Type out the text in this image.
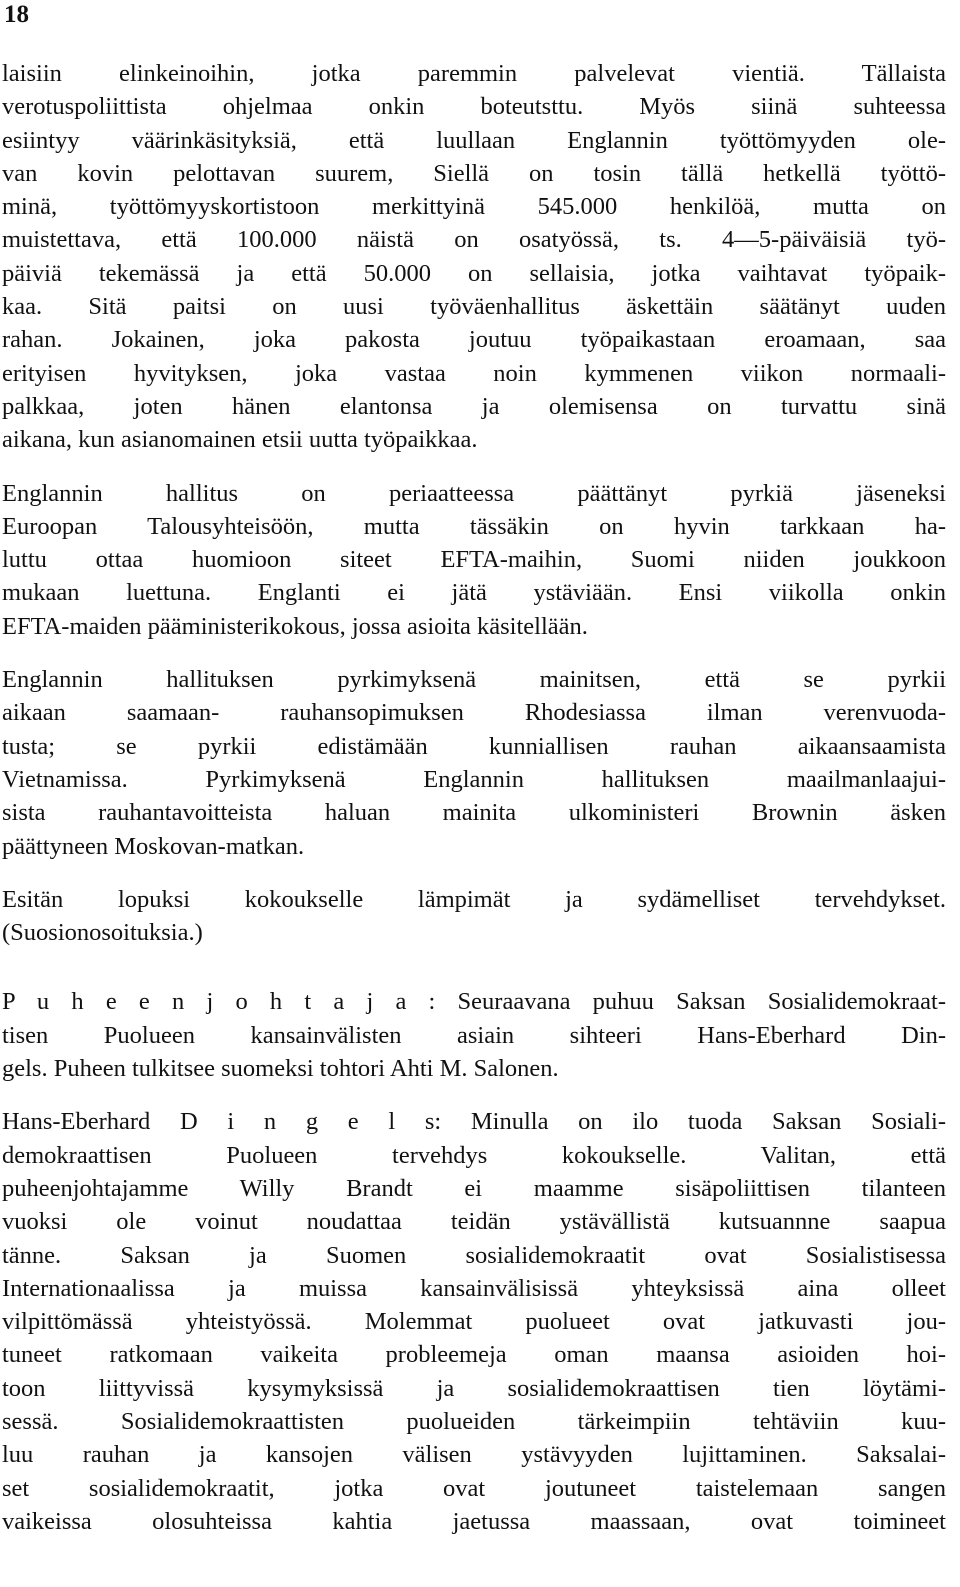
18
laisiin elinkeinoihin, jotka paremmin palvelevat vientiä. Tällaista
verotuspoliittista ohjelmaa onkin boteutsttu. Myös siinä suhteessa
esiintyy väärinkäsityksiä, että luullaan Englannin työttömyyden ole-
van kovin pelottavan suurem, Siellä on tosin tällä hetkellä työttö-
minä, työttömyyskortistoon merkittyinä 545.000 henkilöä, mutta on
muistettava, että 100.000 näistä on osatyössä, ts. 4—5-päiväisiä työ-
päiviä tekemässä ja että 50.000 on sellaisia, jotka vaihtavat työpaik-
kaa. Sitä paitsi on uusi työväenhallitus äskettäin säätänyt uuden
rahan. Jokainen, joka pakosta joutuu työpaikastaan eroamaan, saa
erityisen hyvityksen, joka vastaa noin kymmenen viikon normaali-
palkkaa, joten hänen elantonsa ja olemisensa on turvattu sinä
aikana, kun asianomainen etsii uutta työpaikkaa.
Englannin hallitus on periaatteessa päättänyt pyrkiä jäseneksi
Euroopan Talousyhteisöön, mutta tässäkin on hyvin tarkkaan ha-
luttu ottaa huomioon siteet EFTA-maihin, Suomi niiden joukkoon
mukaan luettuna. Englanti ei jätä ystäviään. Ensi viikolla onkin
EFTA-maiden pääministerikokous, jossa asioita käsitellään.
Englannin hallituksen pyrkimyksenä mainitsen, että se pyrkii
aikaan saamaan- rauhansopimuksen Rhodesiassa ilman verenvuoda-
tusta; se pyrkii edistämään kunniallisen rauhan aikaansaamista
Vietnamissa. Pyrkimyksenä Englannin hallituksen maailmanlaajui-
sista rauhantavoitteista haluan mainita ulkoministeri Brownin äsken
päättyneen Moskovan-matkan.
Esitän lopuksi kokoukselle lämpimät ja sydämelliset tervehdykset.
(Suosionosoituksia.)
P u h e e n j o h t a j a : Seuraavana puhuu Saksan Sosialidemokraat-
tisen Puolueen kansainvälisten asiain sihteeri Hans-Eberhard Din-
gels. Puheen tulkitsee suomeksi tohtori Ahti M. Salonen.
Hans-Eberhard D i n g e l s: Minulla on ilo tuoda Saksan Sosiali-
demokraattisen Puolueen tervehdys kokoukselle. Valitan, että
puheenjohtajamme Willy Brandt ei maamme sisäpoliittisen tilanteen
vuoksi ole voinut noudattaa teidän ystävällistä kutsuannne saapua
tänne. Saksan ja Suomen sosialidemokraatit ovat Sosialistisessa
Internationaalissa ja muissa kansainvälisissä yhteyksissä aina olleet
vilpittömässä yhteistyössä. Molemmat puolueet ovat jatkuvasti jou-
tuneet ratkomaan vaikeita probleemeja oman maansa asioiden hoi-
toon liittyvissä kysymyksissä ja sosialidemokraattisen tien löytämi-
sessä. Sosialidemokraattisten puolueiden tärkeimpiin tehtäviin kuu-
luu rauhan ja kansojen välisen ystävyyden lujittaminen. Saksalai-
set sosialidemokraatit, jotka ovat joutuneet taistelemaan sangen
vaikeissa olosuhteissa kahtia jaetussa maassaan, ovat toimineet
